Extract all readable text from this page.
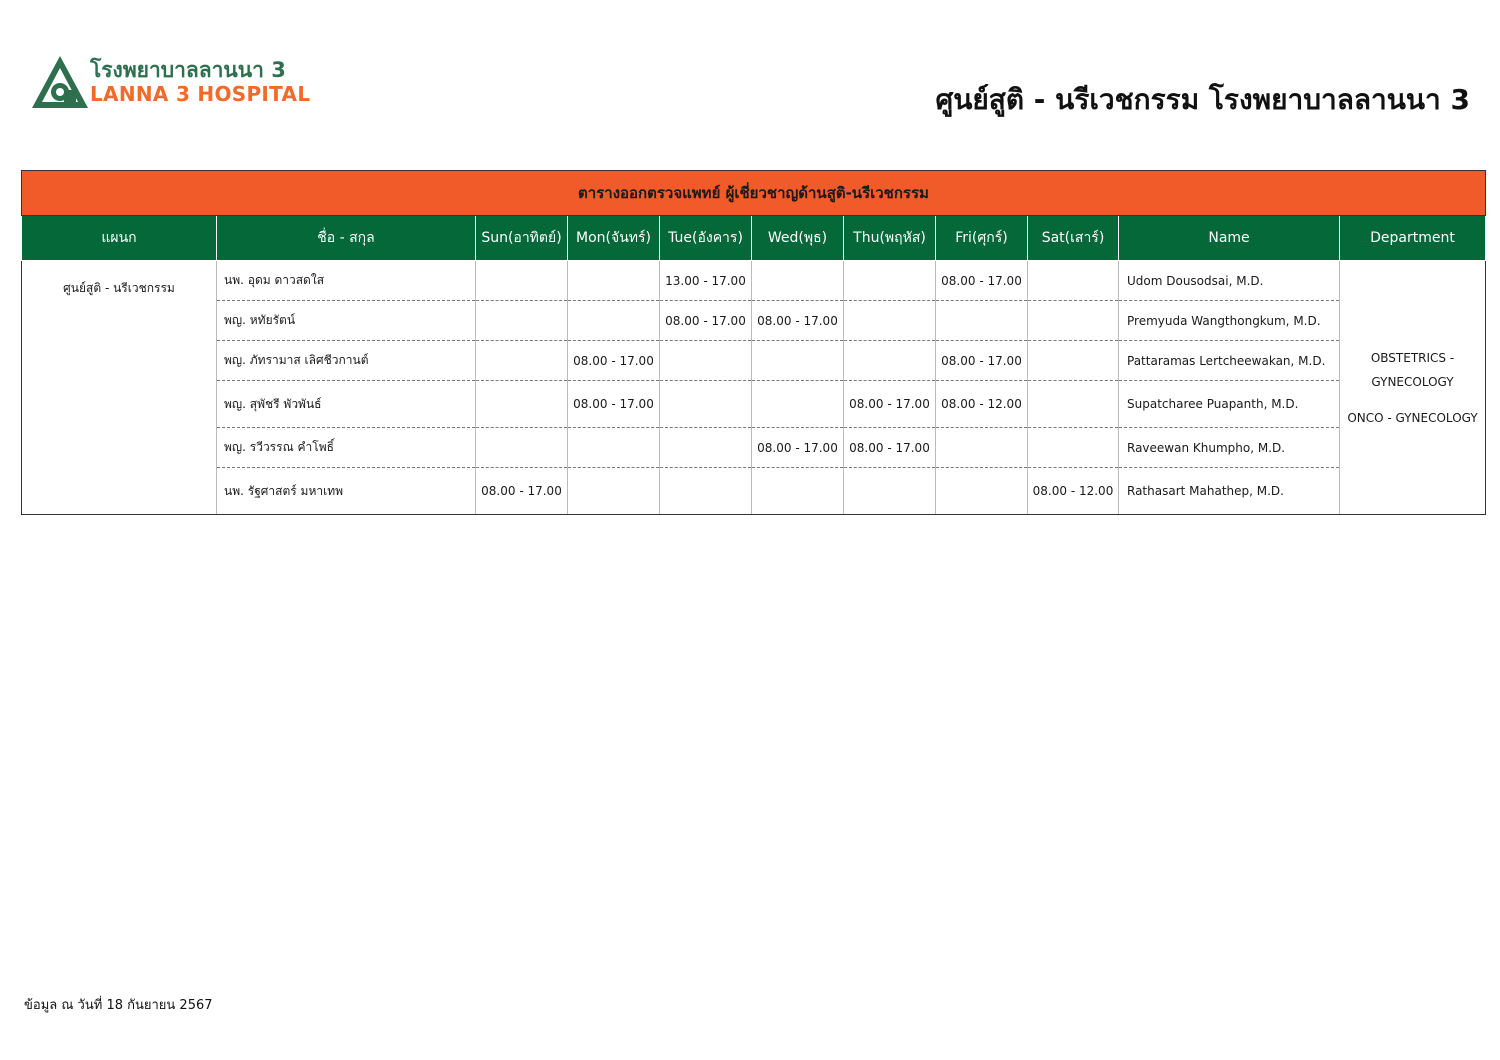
โรงพยาบาลลานนา 3
LANNA 3 HOSPITAL	ศูนย์สูติ - นรีเวชกรรม โรงพยาบาลลานนา 3
ตารางออกตรวจแพทย์ ผู้เชี่ยวชาญด้านสูติ-นรีเวชกรรม										
แผนก	ชื่อ - สกุล	Sun(อาทิตย์)	Mon(จันทร์)	Tue(อังคาร)	Wed(พุธ)	Thu(พฤหัส)	Fri(ศุกร์)	Sat(เสาร์)	Name	Department
ศูนย์สูติ - นรีเวชกรรม	นพ. อุดม ดาวสดใส			13.00 - 17.00			08.00 - 17.00		Udom Dousodsai, M.D.	OBSTETRICS -
GYNECOLOGY
ONCO - GYNECOLOGY

	พญ. หทัยรัตน์			08.00 - 17.00	08.00 - 17.00				Premyuda Wangthongkum, M.D.	
	พญ. ภัทรามาส เลิศชีวกานต์		08.00 - 17.00				08.00 - 17.00		Pattaramas Lertcheewakan, M.D.	
	พญ. สุพัชรี พัวพันธ์		08.00 - 17.00			08.00 - 17.00	08.00 - 12.00		Supatcharee Puapanth, M.D.	
	พญ. รวีวรรณ คำโพธิ์				08.00 - 17.00	08.00 - 17.00			Raveewan Khumpho, M.D.	
	นพ. รัฐศาสตร์ มหาเทพ	08.00 - 17.00						08.00 - 12.00	Rathasart Mahathep, M.D.	
ข้อมูล ณ วันที่ 18 กันยายน 2567
